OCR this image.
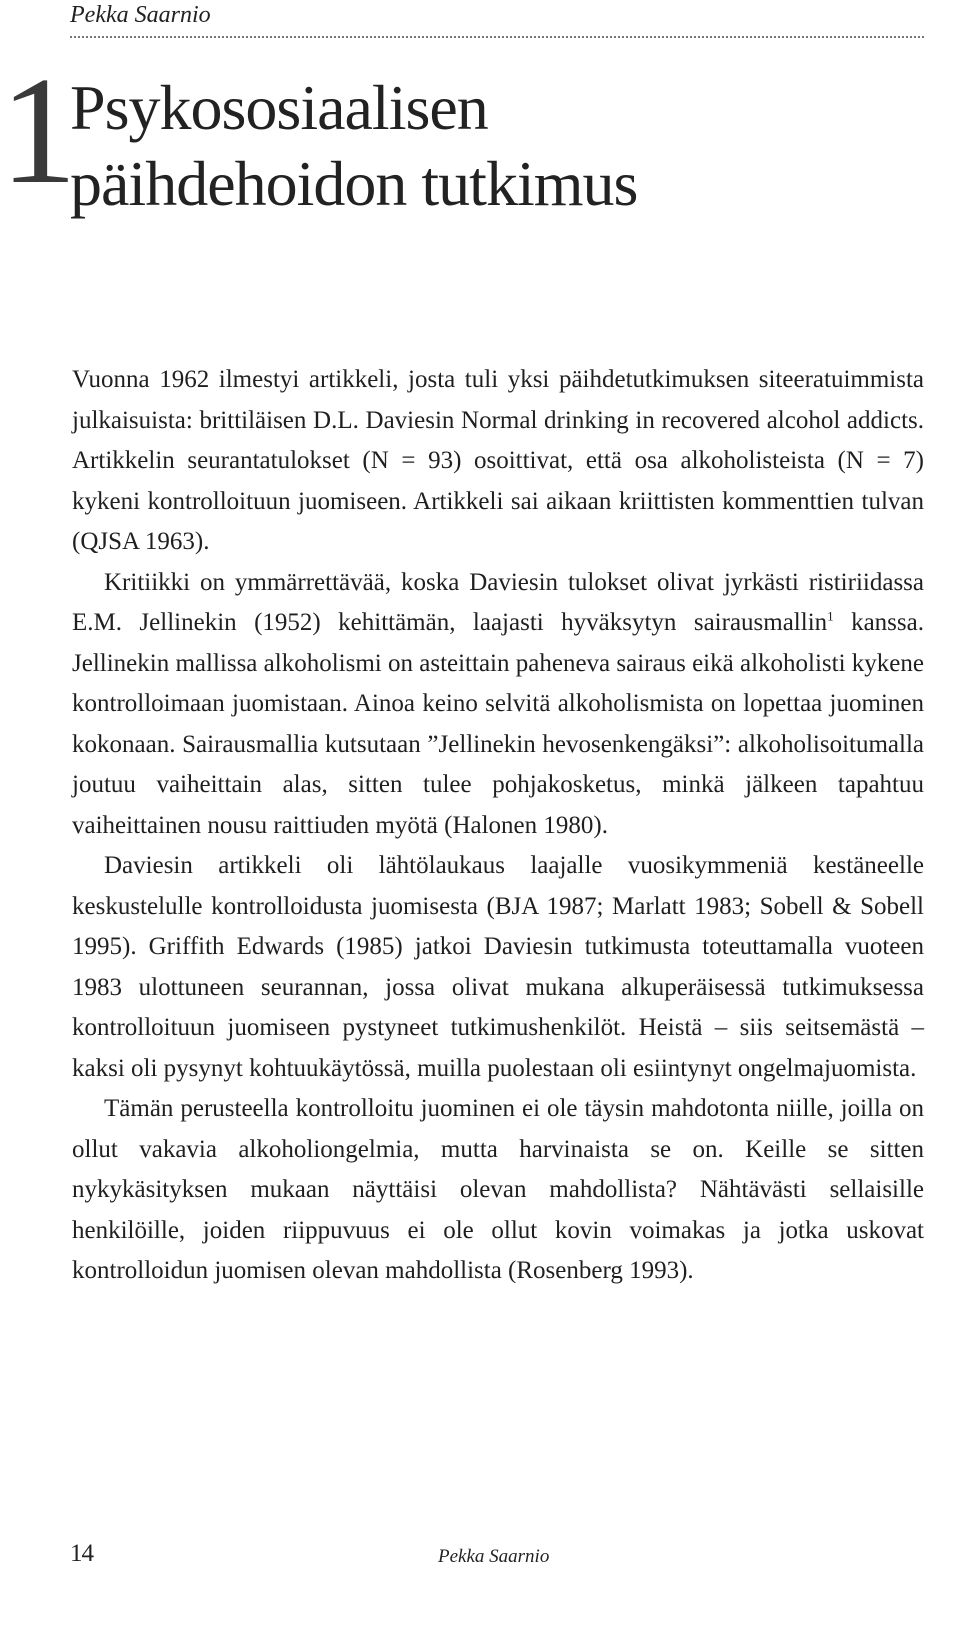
Pekka Saarnio
1
Psykososiaalisen
päihdehoidon tutkimus

Vuonna 1962 ilmestyi artikkeli, josta tuli yksi päihdetutkimuksen siteeratuimmista julkaisuista: brittiläisen D.L. Daviesin Normal drinking in recovered alcohol addicts. Artikkelin seurantatulokset (N = 93) osoittivat, että osa alkoholisteista (N = 7) kykeni kontrolloituun juomiseen. Artikkeli sai aikaan kriittisten kommenttien tulvan (QJSA 1963).

Kritiikki on ymmärrettävää, koska Daviesin tulokset olivat jyrkästi ristiriidassa E.M. Jellinekin (1952) kehittämän, laajasti hyväksytyn sairausmallin$^1$ kanssa. Jellinekin mallissa alkoholismi on asteittain paheneva sairaus eikä alkoholisti kykene kontrolloimaan juomistaan. Ainoa keino selvitä alkoholismista on lopettaa juominen kokonaan. Sairausmallia kutsutaan ”Jellinekin hevosenkengäksi”: alkoholisoitumalla joutuu vaiheittain alas, sitten tulee pohjakosketus, minkä jälkeen tapahtuu vaiheittainen nousu raittiuden myötä (Halonen 1980).

Daviesin artikkeli oli lähtölaukaus laajalle vuosikymmeniä kestäneelle keskustelulle kontrolloidusta juomisesta (BJA 1987; Marlatt 1983; Sobell & Sobell 1995). Griffith Edwards (1985) jatkoi Daviesin tutkimusta toteuttamalla vuoteen 1983 ulottuneen seurannan, jossa olivat mukana alkuperäisessä tutkimuksessa kontrolloituun juomiseen pystyneet tutkimushenkilöt. Heistä – siis seitsemästä – kaksi oli pysynyt kohtuukäytössä, muilla puolestaan oli esiintynyt ongelmajuomista.

Tämän perusteella kontrolloitu juominen ei ole täysin mahdotonta niille, joilla on ollut vakavia alkoholiongelmia, mutta harvinaista se on. Keille se sitten nykykäsityksen mukaan näyttäisi olevan mahdollista? Nähtävästi sellaisille henkilöille, joiden riippuvuus ei ole ollut kovin voimakas ja jotka uskovat kontrolloidun juomisen olevan mahdollista (Rosenberg 1993).

14	Pekka Saarnio
